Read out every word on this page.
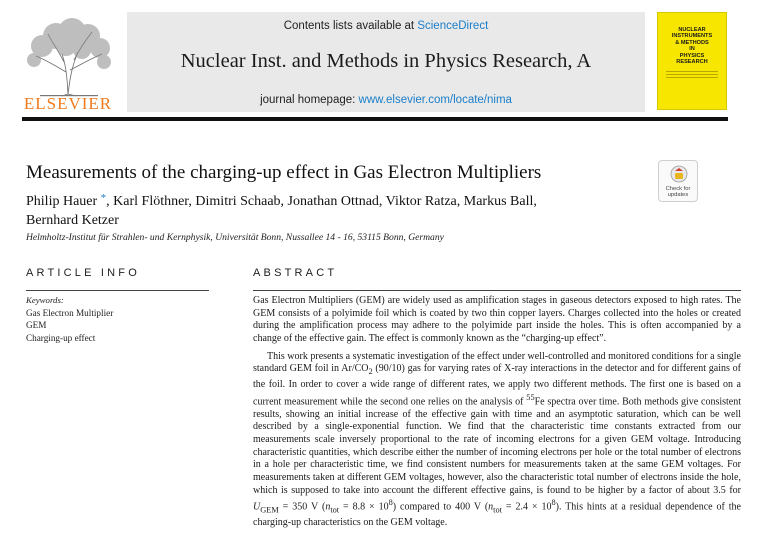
ELSEVIER
Contents lists available at ScienceDirect
Nuclear Inst. and Methods in Physics Research, A
journal homepage: www.elsevier.com/locate/nima
NUCLEAR
INSTRUMENTS
& METHODS
IN
PHYSICS
RESEARCH
Measurements of the charging-up effect in Gas Electron Multipliers
Philip Hauer *, Karl Flöthner, Dimitri Schaab, Jonathan Ottnad, Viktor Ratza, Markus Ball,
Bernhard Ketzer
Helmholtz-Institut für Strahlen- und Kernphysik, Universität Bonn, Nussallee 14 - 16, 53115 Bonn, Germany
Check for
updates
ARTICLE INFO
Keywords:
Gas Electron Multiplier
GEM
Charging-up effect
ABSTRACT

Gas Electron Multipliers (GEM) are widely used as amplification stages in gaseous detectors exposed to high rates. The GEM consists of a polyimide foil which is coated by two thin copper layers. Charges collected into the holes or created during the amplification process may adhere to the polyimide part inside the holes. This is often accompanied by a change of the effective gain. The effect is commonly known as the “charging-up effect”.

This work presents a systematic investigation of the effect under well-controlled and monitored conditions for a single standard GEM foil in $Ar/CO_2$ (90/10) gas for varying rates of X-ray interactions in the detector and for different gains of the foil. In order to cover a wide range of different rates, we apply two different methods. The first one is based on a current measurement while the second one relies on the analysis of $^{55}$Fe spectra over time. Both methods give consistent results, showing an initial increase of the effective gain with time and an asymptotic saturation, which can be well described by a single-exponential function. We find that the characteristic time constants extracted from our measurements scale inversely proportional to the rate of incoming electrons for a given GEM voltage. Introducing characteristic quantities, which describe either the number of incoming electrons per hole or the total number of electrons in a hole per characteristic time, we find consistent numbers for measurements taken at the same GEM voltages. For measurements taken at different GEM voltages, however, also the characteristic total number of electrons inside the hole, which is supposed to take into account the different effective gains, is found to be higher by a factor of about 3.5 for $U_{GEM} = 350$ V $(n_{tot} = 8.8 \times 10^8)$ compared to 400 V $(n_{tot} = 2.4 \times 10^8)$. This hints at a residual dependence of the charging-up characteristics on the GEM voltage.
